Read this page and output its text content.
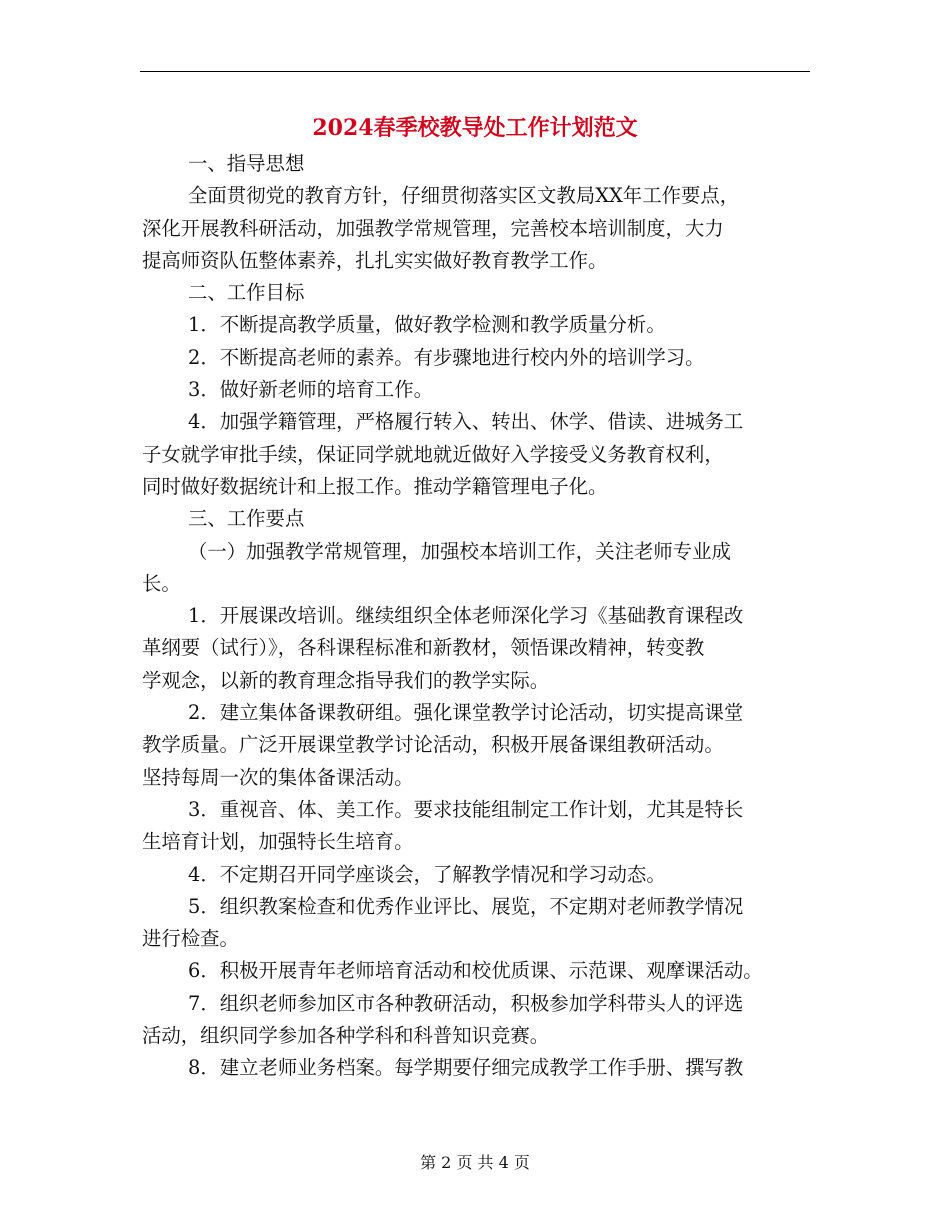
2024春季校教导处工作计划范文
一、指导思想
全面贯彻党的教育方针，仔细贯彻落实区文教局XX年工作要点，
深化开展教科研活动，加强教学常规管理，完善校本培训制度，大力
提高师资队伍整体素养，扎扎实实做好教育教学工作。
二、工作目标
1．不断提高教学质量，做好教学检测和教学质量分析。
2．不断提高老师的素养。有步骤地进行校内外的培训学习。
3．做好新老师的培育工作。
4．加强学籍管理，严格履行转入、转出、休学、借读、进城务工
子女就学审批手续，保证同学就地就近做好入学接受义务教育权利，
同时做好数据统计和上报工作。推动学籍管理电子化。
三、工作要点
（一）加强教学常规管理，加强校本培训工作，关注老师专业成
长。
1．开展课改培训。继续组织全体老师深化学习《基础教育课程改
革纲要（试行）》，各科课程标准和新教材，领悟课改精神，转变教
学观念，以新的教育理念指导我们的教学实际。
2．建立集体备课教研组。强化课堂教学讨论活动，切实提高课堂
教学质量。广泛开展课堂教学讨论活动，积极开展备课组教研活动。
坚持每周一次的集体备课活动。
3．重视音、体、美工作。要求技能组制定工作计划，尤其是特长
生培育计划，加强特长生培育。
4．不定期召开同学座谈会，了解教学情况和学习动态。
5．组织教案检查和优秀作业评比、展览，不定期对老师教学情况
进行检查。
6．积极开展青年老师培育活动和校优质课、示范课、观摩课活动。
7．组织老师参加区市各种教研活动，积极参加学科带头人的评选
活动，组织同学参加各种学科和科普知识竞赛。
8．建立老师业务档案。每学期要仔细完成教学工作手册、撰写教
第 2 页 共 4 页
